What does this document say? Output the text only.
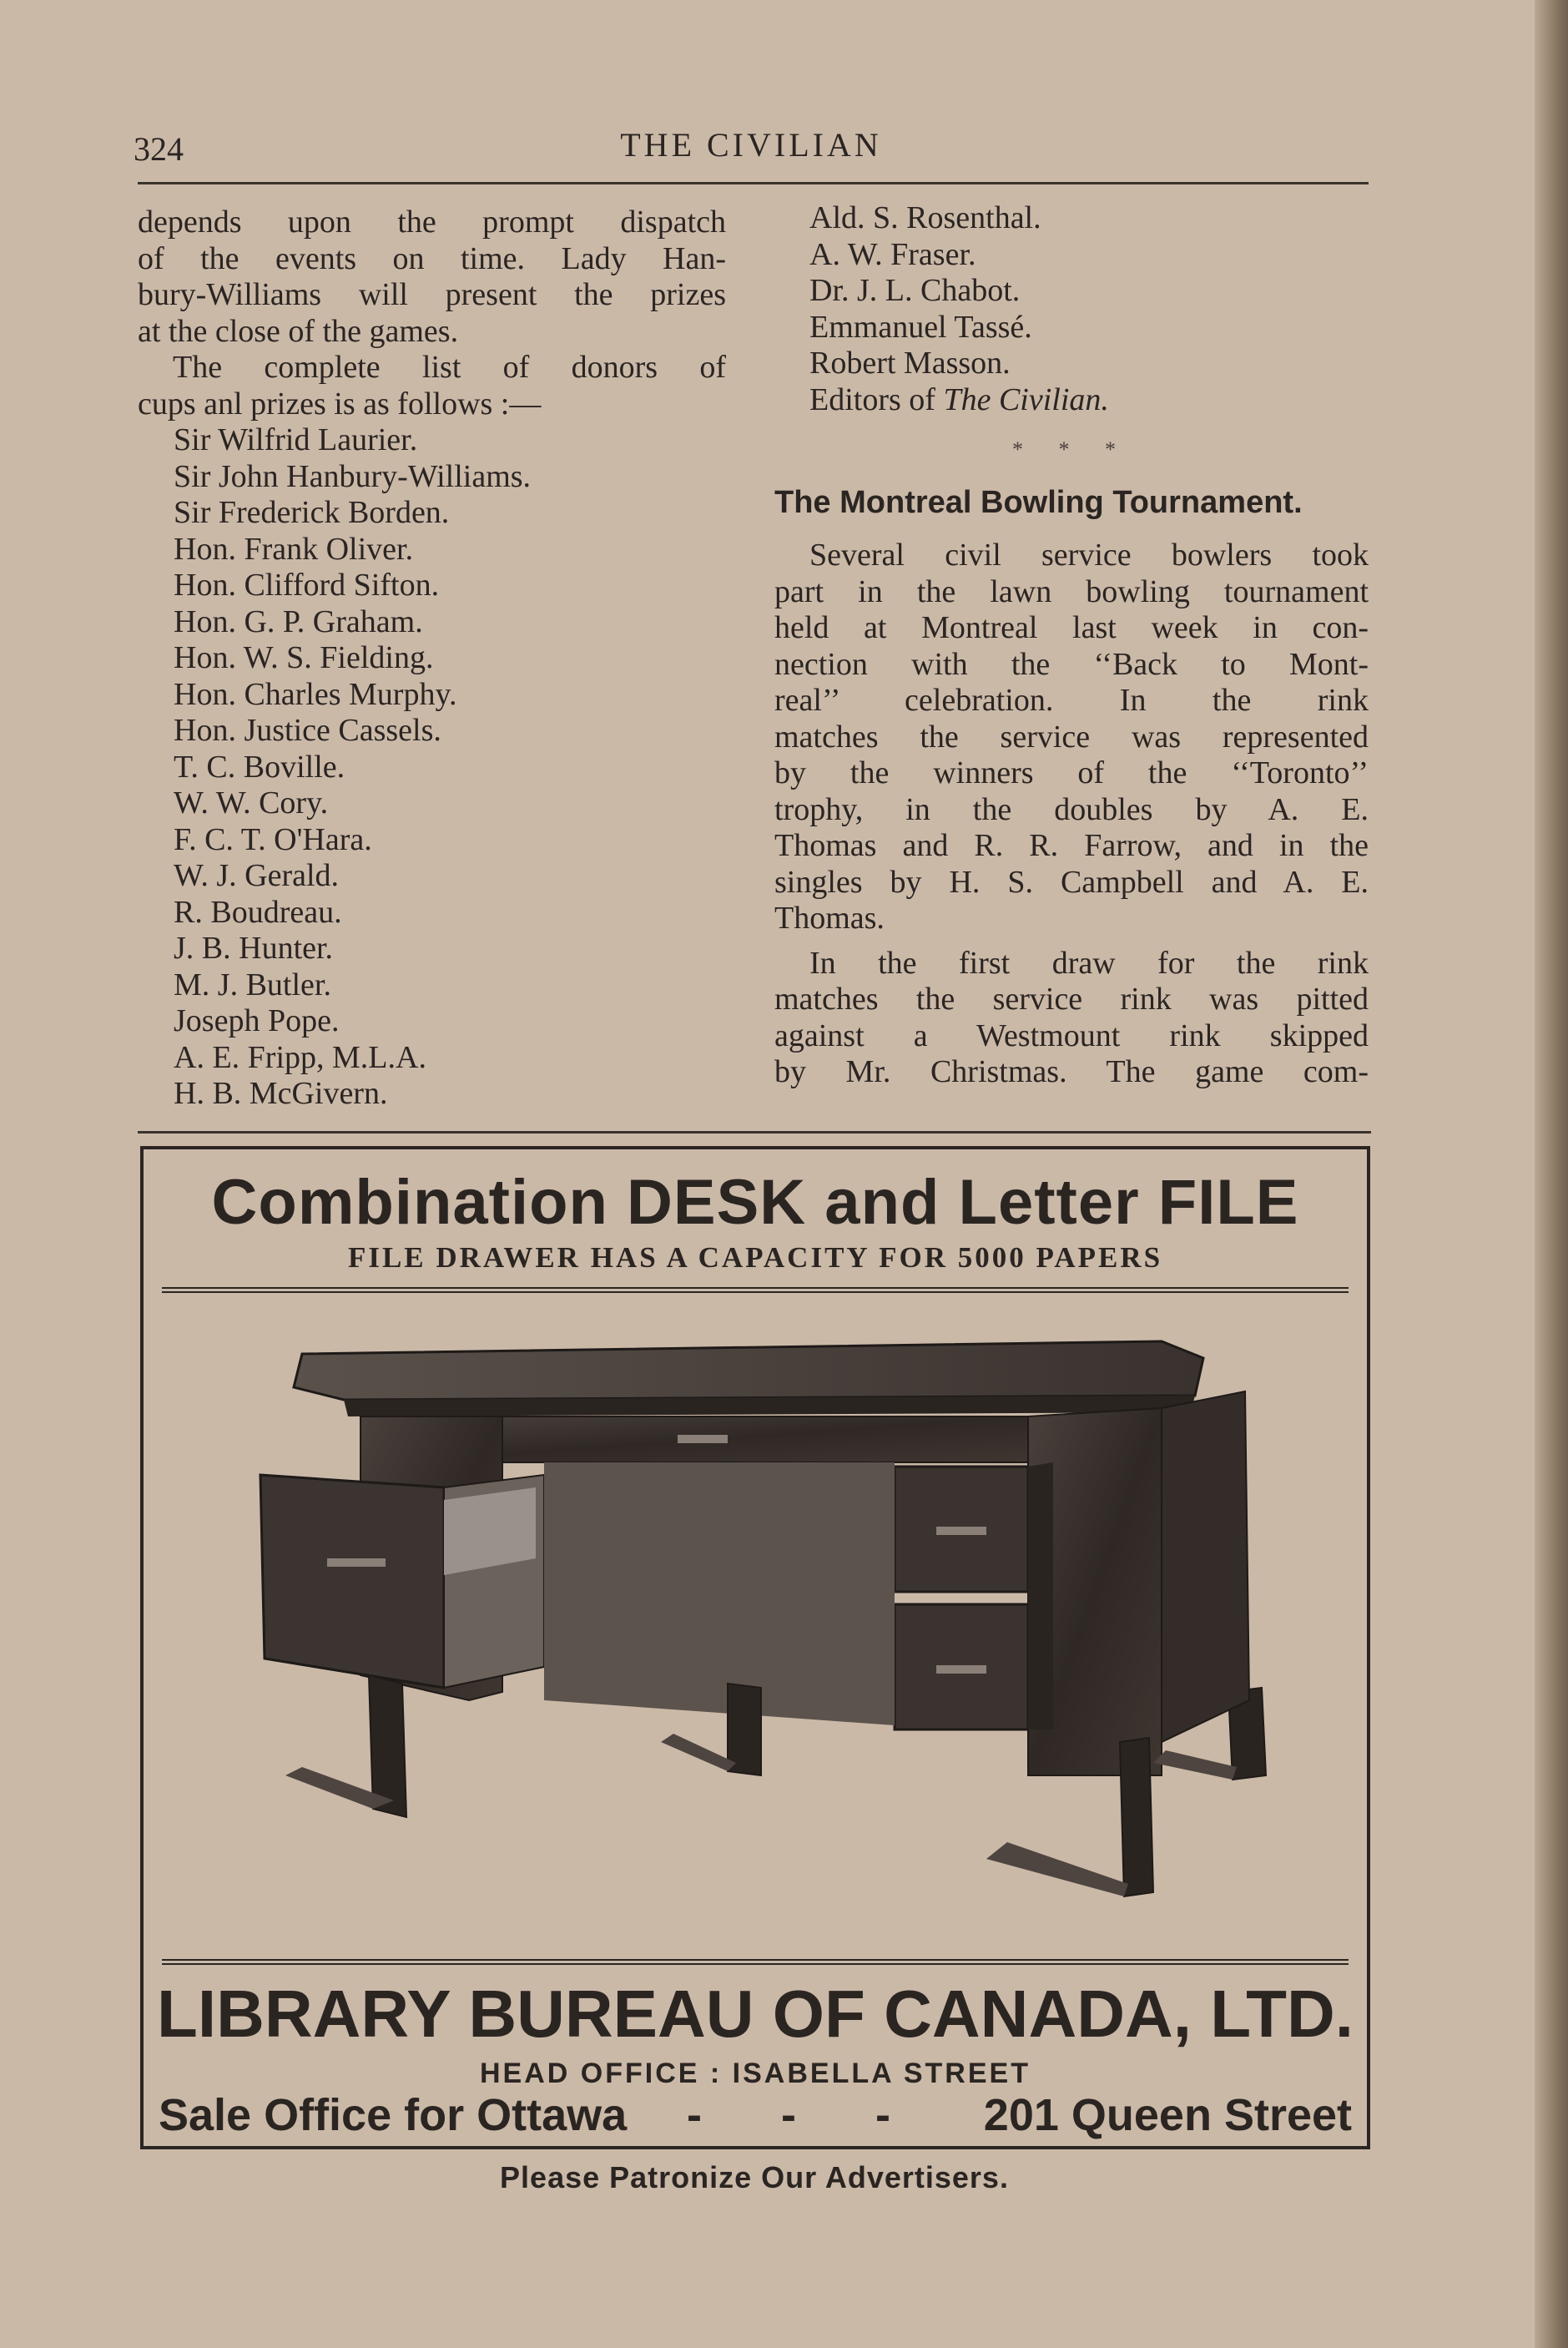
324	THE CIVILIAN

depends upon the prompt dispatch

of the events on time. Lady Han-

bury-Williams will present the prizes

at the close of the games.

The complete list of donors of

cups anl prizes is as follows :—

Sir Wilfrid Laurier.
Sir John Hanbury-Williams.
Sir Frederick Borden.
Hon. Frank Oliver.
Hon. Clifford Sifton.
Hon. G. P. Graham.
Hon. W. S. Fielding.
Hon. Charles Murphy.
Hon. Justice Cassels.
T. C. Boville.
W. W. Cory.
F. C. T. O'Hara.
W. J. Gerald.
R. Boudreau.
J. B. Hunter.
M. J. Butler.
Joseph Pope.
A. E. Fripp, M.L.A.
H. B. McGivern.
Ald. S. Rosenthal.
A. W. Fraser.
Dr. J. L. Chabot.
Emmanuel Tassé.
Robert Masson.
Editors of The Civilian.
* * *
The Montreal Bowling Tournament.

Several civil service bowlers took

part in the lawn bowling tournament

held at Montreal last week in con-

nection with the ‘‘Back to Mont-

real’’ celebration. In the rink

matches the service was represented

by the winners of the ‘‘Toronto’’

trophy, in the doubles by A. E.

Thomas and R. R. Farrow, and in the

singles by H. S. Campbell and A. E.

Thomas.

In the first draw for the rink

matches the service rink was pitted

against a Westmount rink skipped

by Mr. Christmas. The game com-

Combination DESK and Letter FILE
FILE DRAWER HAS A CAPACITY FOR 5000 PAPERS
LIBRARY BUREAU OF CANADA, LTD.
HEAD OFFICE : ISABELLA STREET
Sale Office for Ottawa - - - 201 Queen Street
Please Patronize Our Advertisers.
